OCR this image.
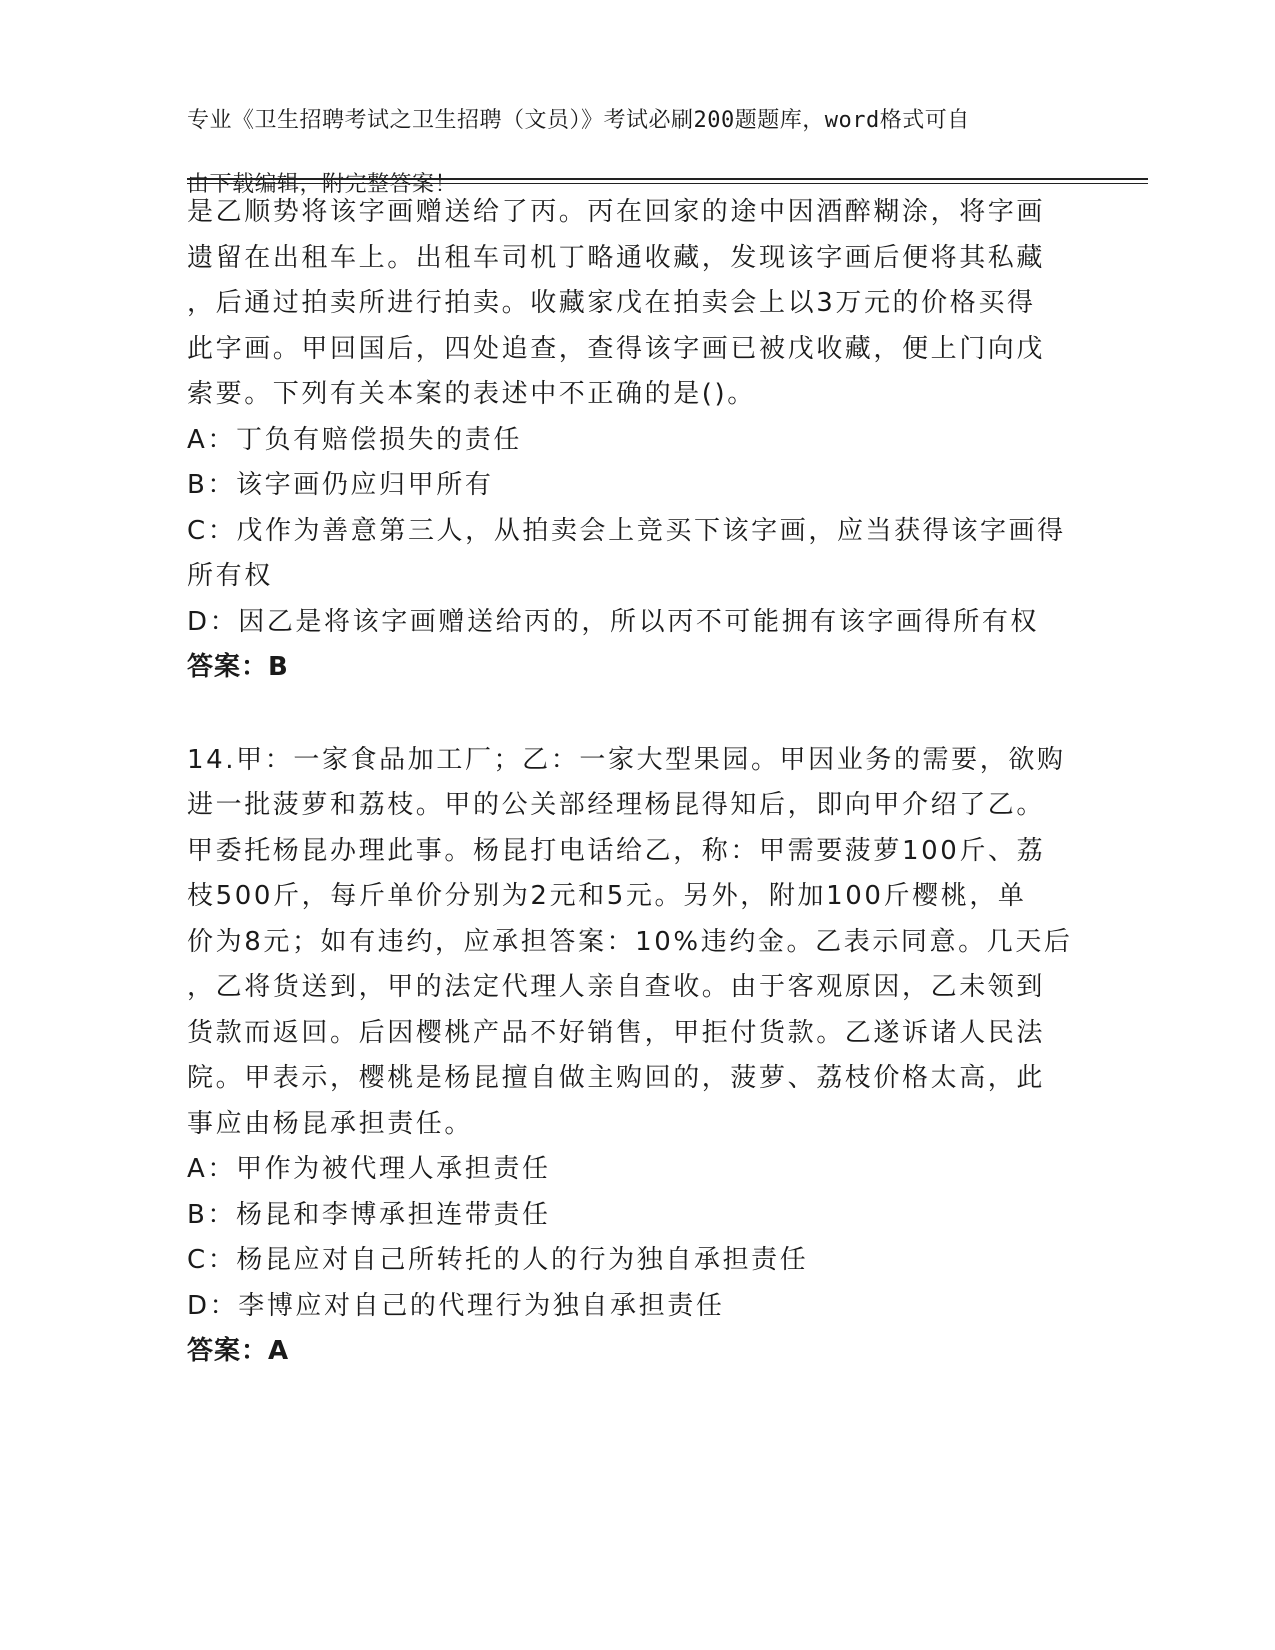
专业《卫生招聘考试之卫生招聘（文员）》考试必刷200题题库，word格式可自

由下载编辑，附完整答案！

是乙顺势将该字画赠送给了丙。丙在回家的途中因酒醉糊涂，将字画
遗留在出租车上。出租车司机丁略通收藏，发现该字画后便将其私藏
，后通过拍卖所进行拍卖。收藏家戊在拍卖会上以3万元的价格买得
此字画。甲回国后，四处追查，查得该字画已被戊收藏，便上门向戊
索要。下列有关本案的表述中不正确的是()。
A：丁负有赔偿损失的责任
B：该字画仍应归甲所有
C：戊作为善意第三人，从拍卖会上竞买下该字画，应当获得该字画得
所有权
D：因乙是将该字画赠送给丙的，所以丙不可能拥有该字画得所有权
答案：B
14.甲：一家食品加工厂；乙：一家大型果园。甲因业务的需要，欲购
进一批菠萝和荔枝。甲的公关部经理杨昆得知后，即向甲介绍了乙。
甲委托杨昆办理此事。杨昆打电话给乙，称：甲需要菠萝100斤、荔
枝500斤，每斤单价分别为2元和5元。另外，附加100斤樱桃，单
价为8元；如有违约，应承担答案：10%违约金。乙表示同意。几天后
，乙将货送到，甲的法定代理人亲自查收。由于客观原因，乙未领到
货款而返回。后因樱桃产品不好销售，甲拒付货款。乙遂诉诸人民法
院。甲表示，樱桃是杨昆擅自做主购回的，菠萝、荔枝价格太高，此
事应由杨昆承担责任。
A：甲作为被代理人承担责任
B：杨昆和李博承担连带责任
C：杨昆应对自己所转托的人的行为独自承担责任
D：李博应对自己的代理行为独自承担责任
答案：A
